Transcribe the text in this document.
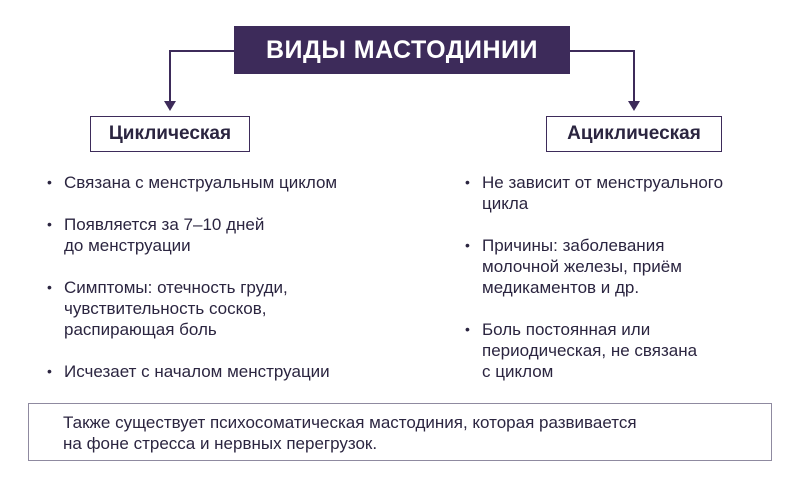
ВИДЫ МАСТОДИНИИ
Циклическая	Ациклическая
• Связана с менструальным циклом
• Появляется за 7–10 дней
до менструации
• Симптомы: отечность груди,
чувствительность сосков,
распирающая боль
• Исчезает с началом менструации
• Не зависит от менструального
цикла
• Причины: заболевания
молочной железы, приём
медикаментов и др.
• Боль постоянная или
периодическая, не связана
с циклом
Также существует психосоматическая мастодиния, которая развивается
на фоне стресса и нервных перегрузок.
